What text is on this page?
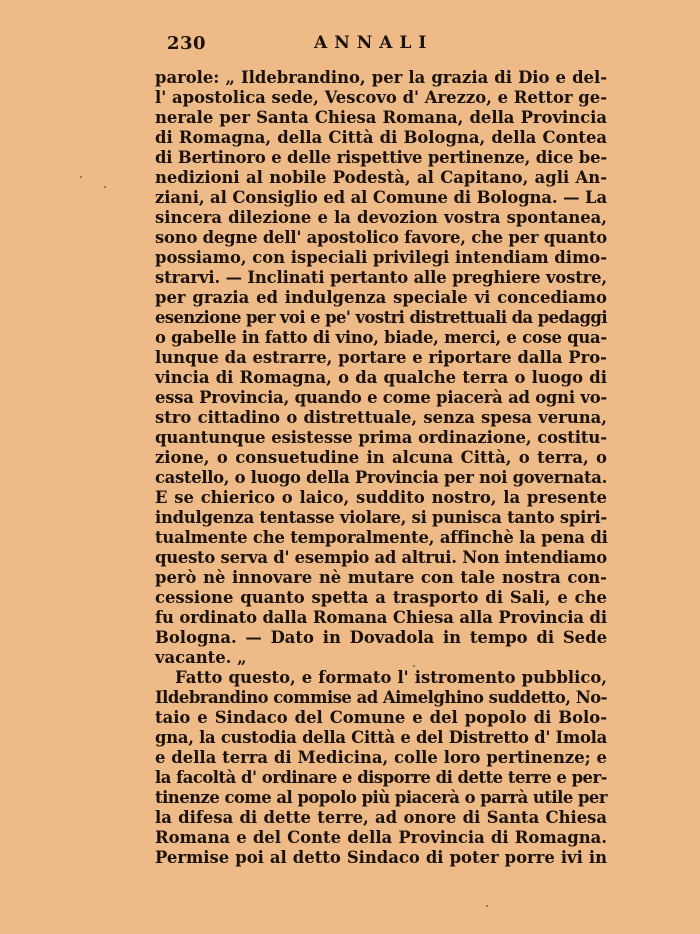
230	ANNALI
parole: „ Ildebrandino, per la grazia di Dio e del-
l' apostolica sede, Vescovo d' Arezzo, e Rettor ge-
nerale per Santa Chiesa Romana, della Provincia
di Romagna, della Città di Bologna, della Contea
di Bertinoro e delle rispettive pertinenze, dice be-
nedizioni al nobile Podestà, al Capitano, agli An-
ziani, al Consiglio ed al Comune di Bologna. — La
sincera dilezione e la devozion vostra spontanea,
sono degne dell' apostolico favore, che per quanto
possiamo, con ispeciali privilegi intendiam dimo-
strarvi. — Inclinati pertanto alle preghiere vostre,
per grazia ed indulgenza speciale vi concediamo
esenzione per voi e pe' vostri distrettuali da pedaggi
o gabelle in fatto di vino, biade, merci, e cose qua-
lunque da estrarre, portare e riportare dalla Pro-
vincia di Romagna, o da qualche terra o luogo di
essa Provincia, quando e come piacerà ad ogni vo-
stro cittadino o distrettuale, senza spesa veruna,
quantunque esistesse prima ordinazione, costitu-
zione, o consuetudine in alcuna Città, o terra, o
castello, o luogo della Provincia per noi governata.
E se chierico o laico, suddito nostro, la presente
indulgenza tentasse violare, si punisca tanto spiri-
tualmente che temporalmente, affinchè la pena di
questo serva d' esempio ad altrui. Non intendiamo
però nè innovare nè mutare con tale nostra con-
cessione quanto spetta a trasporto di Sali, e che
fu ordinato dalla Romana Chiesa alla Provincia di
Bologna. — Dato in Dovadola in tempo di Sede
vacante. „
Fatto questo, e formato l' istromento pubblico,
Ildebrandino commise ad Aimelghino suddetto, No-
taio e Sindaco del Comune e del popolo di Bolo-
gna, la custodia della Città e del Distretto d' Imola
e della terra di Medicina, colle loro pertinenze; e
la facoltà d' ordinare e disporre di dette terre e per-
tinenze come al popolo più piacerà o parrà utile per
la difesa di dette terre, ad onore di Santa Chiesa
Romana e del Conte della Provincia di Romagna.
Permise poi al detto Sindaco di poter porre ivi in
